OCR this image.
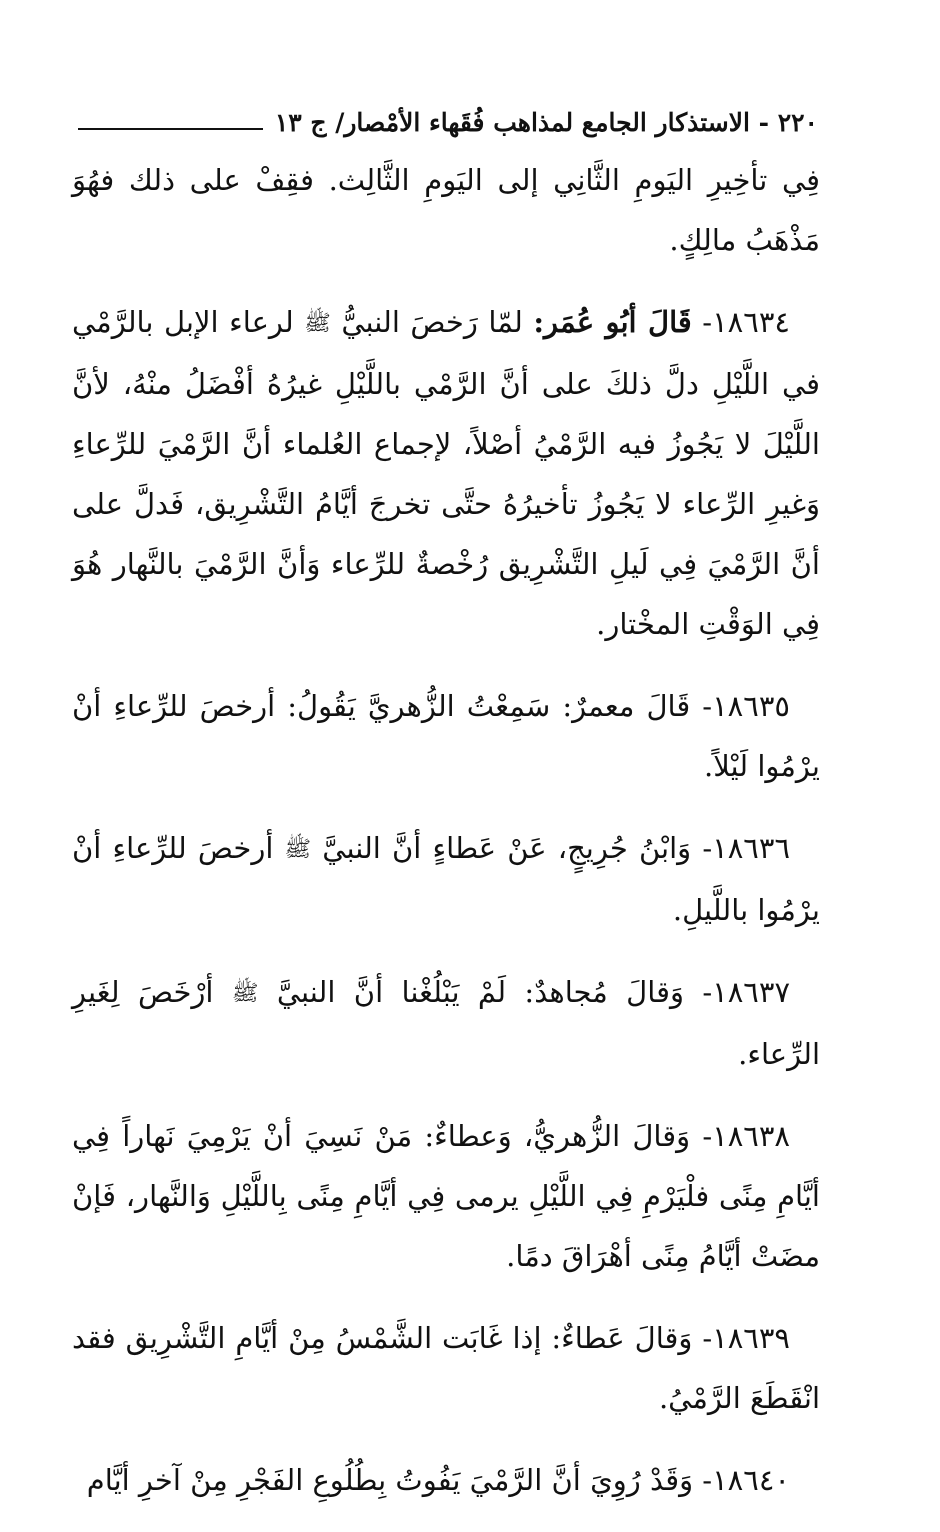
٢٢٠ - الاستذكار الجامع لمذاهب فُقَهاء الأمْصار/ ج ١٣

فِي تأخِيرِ اليَومِ الثَّانِي إلى اليَومِ الثَّالِث. فقِفْ على ذلك فهُوَ مَذْهَبُ مالِكٍ.

١٨٦٣٤- قَالَ أبُو عُمَر: لمّا رَخصَ النبيُّ ﷺ لرعاء الإبل بالرَّمْي في اللَّيْلِ دلَّ ذلكَ على أنَّ الرَّمْي باللَّيْلِ غيرُهُ أفْضَلُ منْهُ، لأنَّ اللَّيْلَ لا يَجُوزُ فيه الرَّمْيُ أصْلاً، لإجماع العُلماء أنَّ الرَّمْيَ للرِّعاءِ وَغيرِ الرِّعاء لا يَجُوزُ تأخيرُهُ حتَّى تخرجَ أيَّامُ التَّشْرِيق، فَدلَّ على أنَّ الرَّمْيَ فِي لَيلِ التَّشْرِيق رُخْصةٌ للرِّعاء وَأنَّ الرَّمْيَ بالنَّهار هُوَ فِي الوَقْتِ المخْتار.

١٨٦٣٥- قَالَ معمرٌ: سَمِعْتُ الزُّهريَّ يَقُولُ: أرخصَ للرِّعاءِ أنْ يرْمُوا لَيْلاً.

١٨٦٣٦- وَابْنُ جُرِيجٍ، عَنْ عَطاءٍ أنَّ النبيَّ ﷺ أرخصَ للرِّعاءِ أنْ يرْمُوا باللَّيلِ.

١٨٦٣٧- وَقالَ مُجاهدٌ: لَمْ يَبْلُغْنا أنَّ النبيَّ ﷺ أرْخَصَ لِغَيرِ الرِّعاء.

١٨٦٣٨- وَقالَ الزُّهريُّ، وَعطاءٌ: مَنْ نَسِيَ أنْ يَرْمِيَ نَهاراً فِي أيَّامِ مِنًى فلْيَرْمِ فِي اللَّيْلِ يرمى فِي أيَّامِ مِنًى بِاللَّيْلِ وَالنَّهار، فَإنْ مضَتْ أيَّامُ مِنًى أهْرَاقَ دمًا.

١٨٦٣٩- وَقالَ عَطاءٌ: إذا غَابَت الشَّمْسُ مِنْ أيَّامِ التَّشْرِيق فقد انْقَطَعَ الرَّمْيُ.

١٨٦٤٠- وَقَدْ رُوِيَ أنَّ الرَّمْيَ يَفُوتُ بِطُلُوعِ الفَجْرِ مِنْ آخرِ أيَّام
